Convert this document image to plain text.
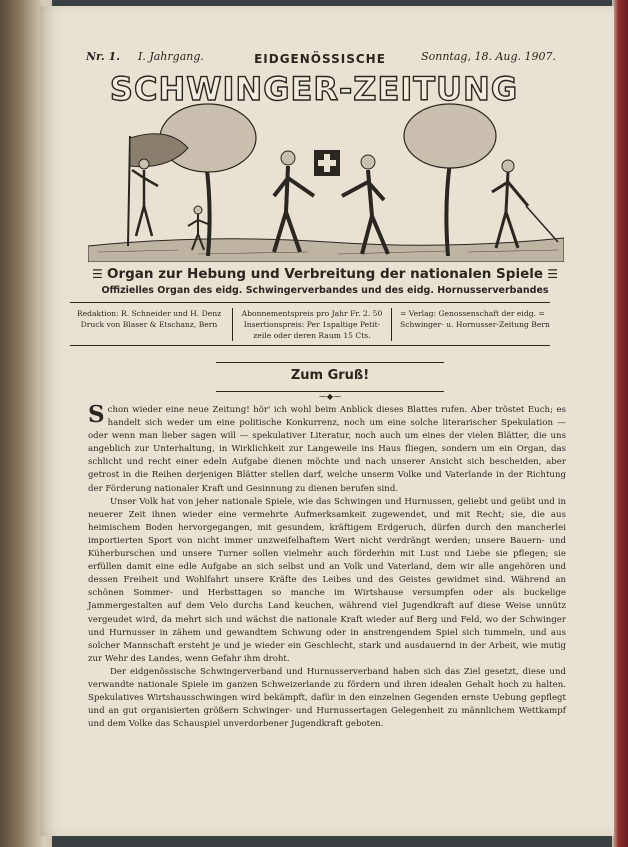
Nr. 1. I. Jahrgang.	Sonntag, 18. Aug. 1907.
EIDGENÖSSISCHE
SCHWINGER-ZEITUNG
☰ Organ zur Hebung und Verbreitung der nationalen Spiele ☰
Offizielles Organ des eidg. Schwingerverbandes und des eidg. Hornusserverbandes
Redaktion: R. Schneider und H. Denz
Druck von Blaser & Etschanz, Bern
Abonnementspreis pro Jahr Fr. 2. 50
Insertionspreis: Per 1spaltige Petit-
zeile oder deren Raum 15 Cts.
= Verlag: Genossenschaft der eidg. =
Schwinger- u. Hornusser-Zeitung Bern
Zum Gruß!
⁓◆⁓

Schon wieder eine neue Zeitung! hör' ich wohl beim Anblick dieses Blattes rufen. Aber tröstet Euch; es handelt sich weder um eine politische Konkurrenz, noch um eine solche literarischer Spekulation — oder wenn man lieber sagen will — spekulativer Literatur, noch auch um eines der vielen Blätter, die uns angeblich zur Unterhaltung, in Wirklichkeit zur Langeweile ins Haus fliegen, sondern um ein Organ, das schlicht und recht einer edeln Aufgabe dienen möchte und nach unserer Ansicht sich bescheiden, aber getrost in die Reihen derjenigen Blätter stellen darf, welche unserm Volke und Vaterlande in der Richtung der Förderung nationaler Kraft und Gesinnung zu dienen berufen sind.

Unser Volk hat von jeher nationale Spiele, wie das Schwingen und Hurnussen, geliebt und geübt und in neuerer Zeit ihnen wieder eine vermehrte Aufmerksamkeit zugewendet, und mit Recht; sie, die aus heimischem Boden hervorgegangen, mit gesundem, kräftigem Erdgeruch, dürfen durch den mancherlei importierten Sport von nicht immer unzweifelhaftem Wert nicht verdrängt werden; unsere Bauern- und Küherburschen und unsere Turner sollen vielmehr auch förderhin mit Lust und Liebe sie pflegen; sie erfüllen damit eine edle Aufgabe an sich selbst und an Volk und Vaterland, dem wir alle angehören und dessen Freiheit und Wohlfahrt unsere Kräfte des Leibes und des Geistes gewidmet sind. Während an schönen Sommer- und Herbsttagen so manche im Wirtshause versumpfen oder als buckelige Jammergestalten auf dem Velo durchs Land keuchen, während viel Jugendkraft auf diese Weise unnütz vergeudet wird, da mehrt sich und wächst die nationale Kraft wieder auf Berg und Feld, wo der Schwinger und Hurnusser in zähem und gewandtem Schwung oder in anstrengendem Spiel sich tummeln, und aus solcher Mannschaft ersteht je und je wieder ein Geschlecht, stark und ausdauernd in der Arbeit, wie mutig zur Wehr des Landes, wenn Gefahr ihm droht.

Der eidgenössische Schwingerverband und Hurnusserverband haben sich das Ziel gesetzt, diese und verwandte nationale Spiele im ganzen Schweizerlande zu fördern und ihren idealen Gehalt hoch zu halten. Spekulatives Wirtshausschwingen wird bekämpft, dafür in den einzelnen Gegenden ernste Uebung gepflegt und an gut organisierten größern Schwinger- und Hurnussertagen Gelegenheit zu männlichem Wettkampf und dem Volke das Schauspiel unverdorbener Jugendkraft geboten.
